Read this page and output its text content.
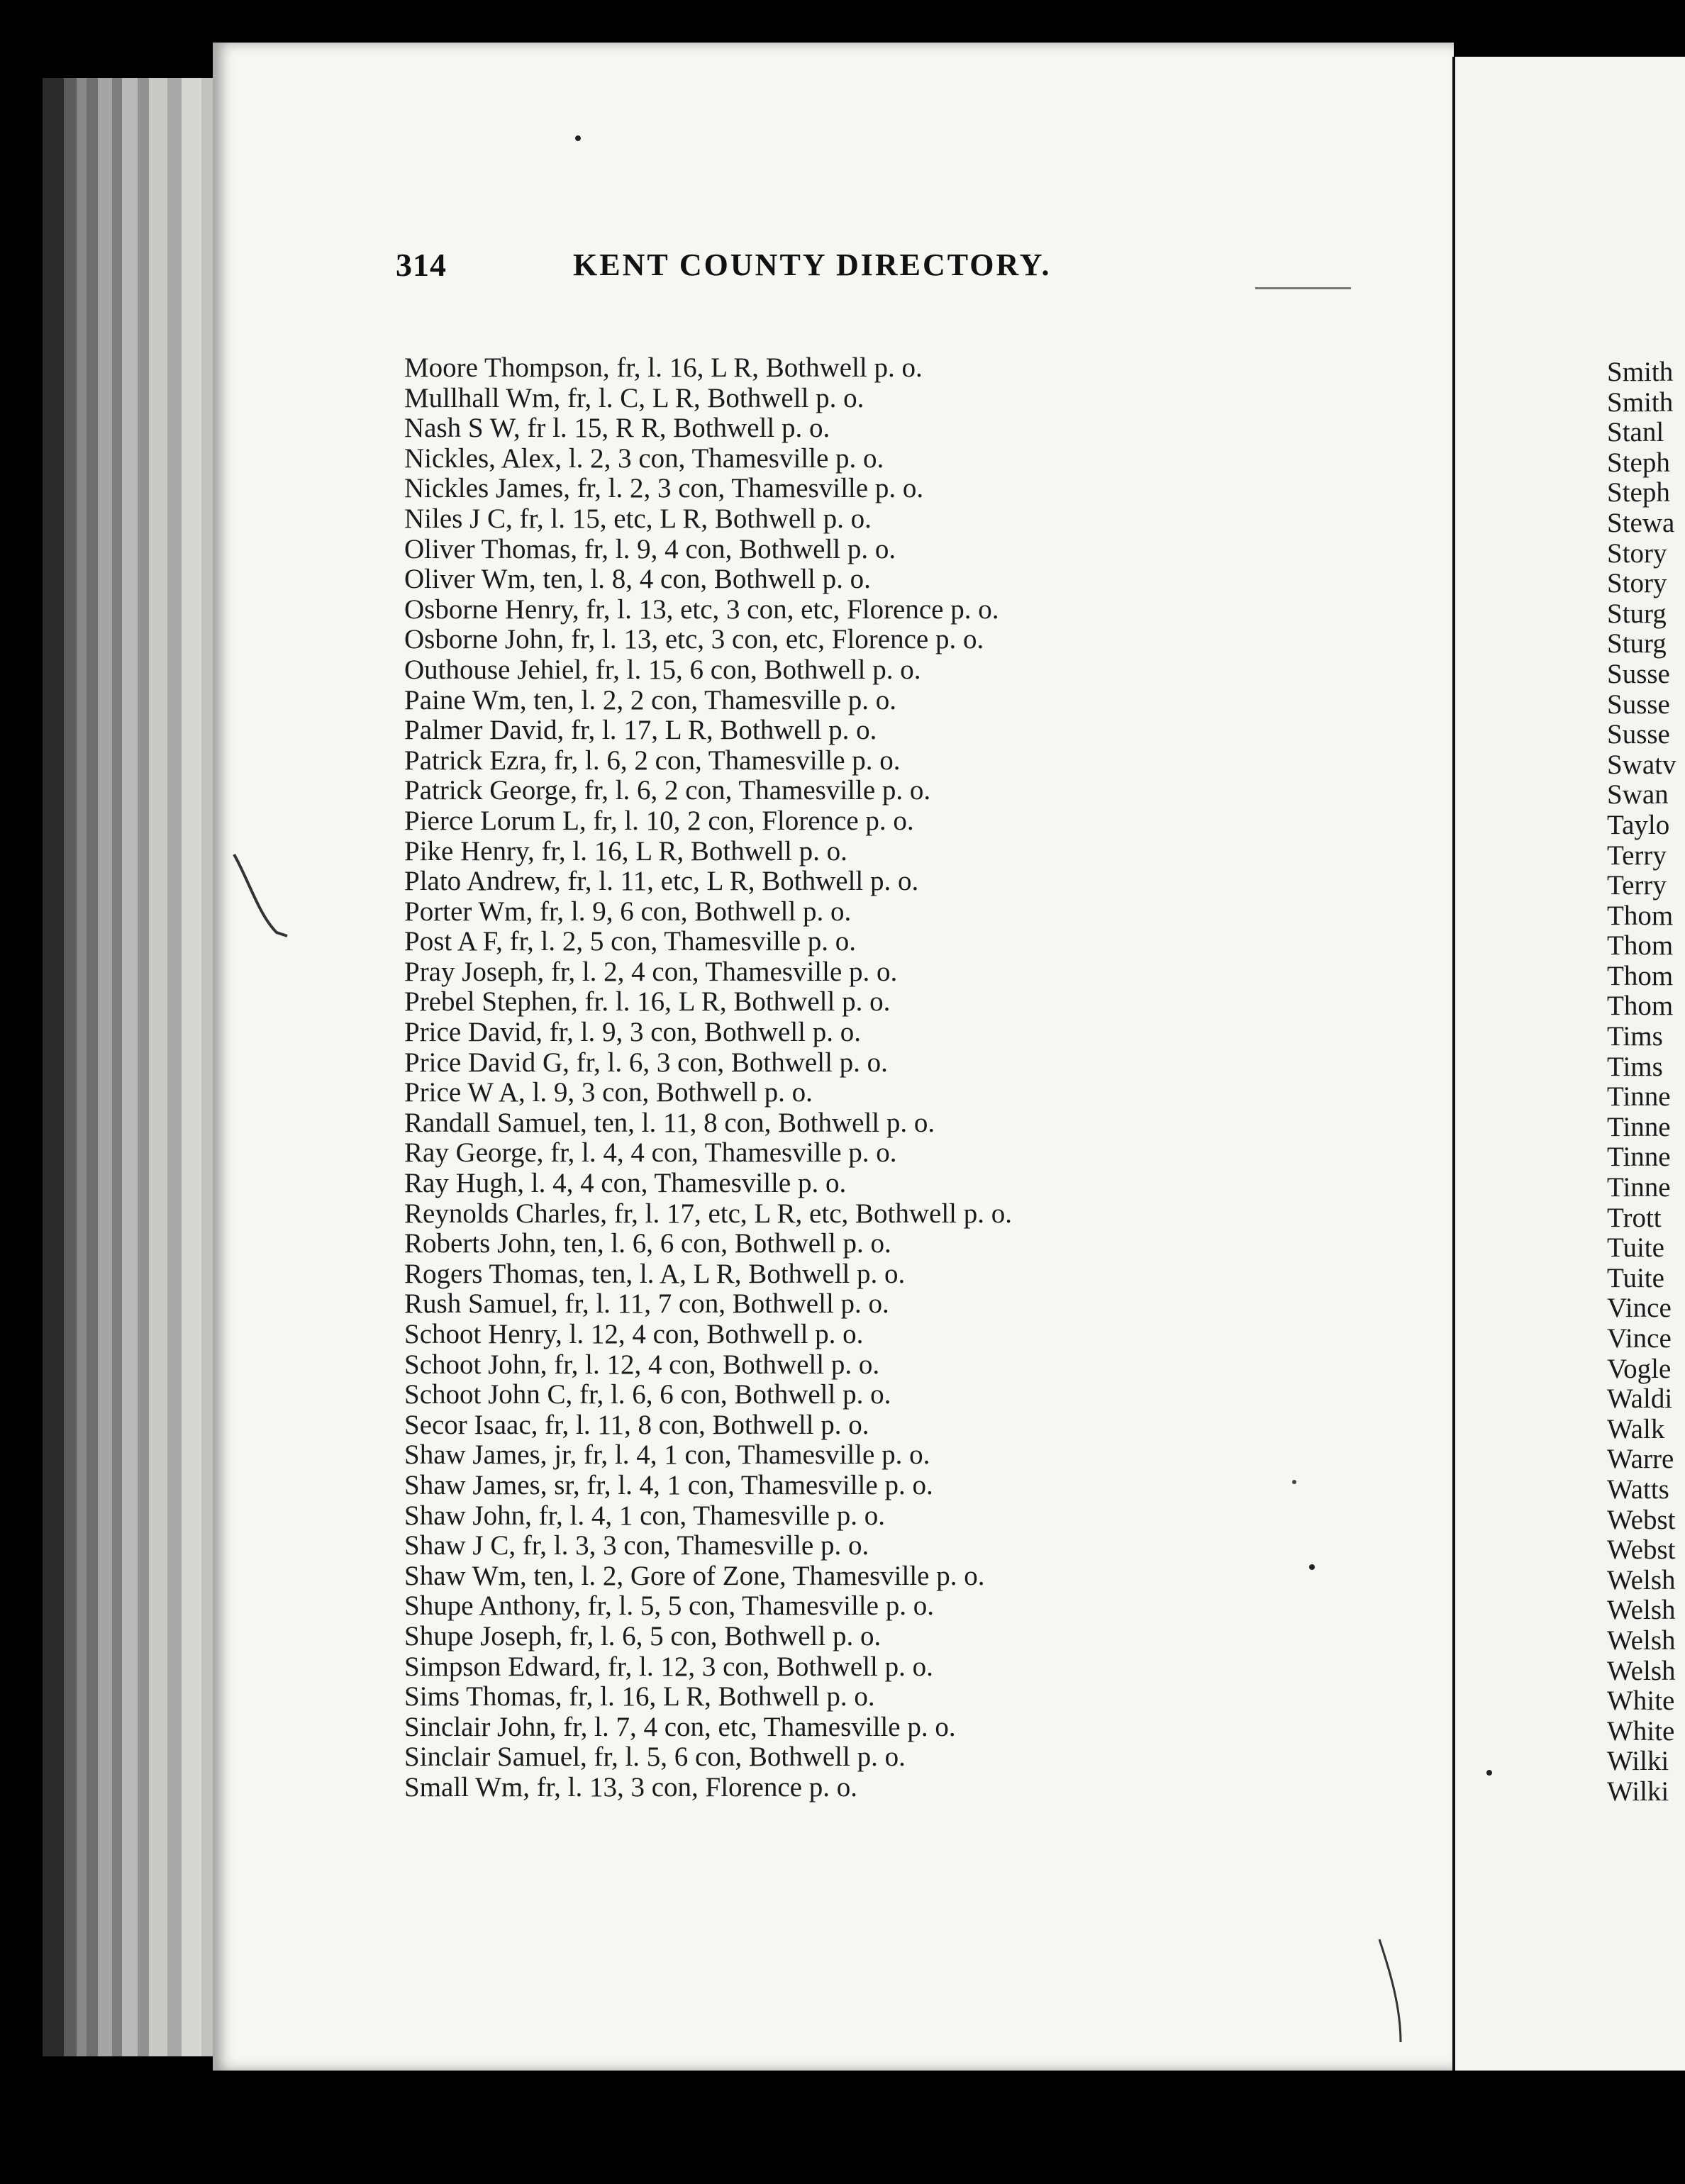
314	KENT COUNTY DIRECTORY.
Moore Thompson, fr, l. 16, L R, Bothwell p. o.
Mullhall Wm, fr, l. C, L R, Bothwell p. o.
Nash S W, fr l. 15, R R, Bothwell p. o.
Nickles, Alex, l. 2, 3 con, Thamesville p. o.
Nickles James, fr, l. 2, 3 con, Thamesville p. o.
Niles J C, fr, l. 15, etc, L R, Bothwell p. o.
Oliver Thomas, fr, l. 9, 4 con, Bothwell p. o.
Oliver Wm, ten, l. 8, 4 con, Bothwell p. o.
Osborne Henry, fr, l. 13, etc, 3 con, etc, Florence p. o.
Osborne John, fr, l. 13, etc, 3 con, etc, Florence p. o.
Outhouse Jehiel, fr, l. 15, 6 con, Bothwell p. o.
Paine Wm, ten, l. 2, 2 con, Thamesville p. o.
Palmer David, fr, l. 17, L R, Bothwell p. o.
Patrick Ezra, fr, l. 6, 2 con, Thamesville p. o.
Patrick George, fr, l. 6, 2 con, Thamesville p. o.
Pierce Lorum L, fr, l. 10, 2 con, Florence p. o.
Pike Henry, fr, l. 16, L R, Bothwell p. o.
Plato Andrew, fr, l. 11, etc, L R, Bothwell p. o.
Porter Wm, fr, l. 9, 6 con, Bothwell p. o.
Post A F, fr, l. 2, 5 con, Thamesville p. o.
Pray Joseph, fr, l. 2, 4 con, Thamesville p. o.
Prebel Stephen, fr. l. 16, L R, Bothwell p. o.
Price David, fr, l. 9, 3 con, Bothwell p. o.
Price David G, fr, l. 6, 3 con, Bothwell p. o.
Price W A, l. 9, 3 con, Bothwell p. o.
Randall Samuel, ten, l. 11, 8 con, Bothwell p. o.
Ray George, fr, l. 4, 4 con, Thamesville p. o.
Ray Hugh, l. 4, 4 con, Thamesville p. o.
Reynolds Charles, fr, l. 17, etc, L R, etc, Bothwell p. o.
Roberts John, ten, l. 6, 6 con, Bothwell p. o.
Rogers Thomas, ten, l. A, L R, Bothwell p. o.
Rush Samuel, fr, l. 11, 7 con, Bothwell p. o.
Schoot Henry, l. 12, 4 con, Bothwell p. o.
Schoot John, fr, l. 12, 4 con, Bothwell p. o.
Schoot John C, fr, l. 6, 6 con, Bothwell p. o.
Secor Isaac, fr, l. 11, 8 con, Bothwell p. o.
Shaw James, jr, fr, l. 4, 1 con, Thamesville p. o.
Shaw James, sr, fr, l. 4, 1 con, Thamesville p. o.
Shaw John, fr, l. 4, 1 con, Thamesville p. o.
Shaw J C, fr, l. 3, 3 con, Thamesville p. o.
Shaw Wm, ten, l. 2, Gore of Zone, Thamesville p. o.
Shupe Anthony, fr, l. 5, 5 con, Thamesville p. o.
Shupe Joseph, fr, l. 6, 5 con, Bothwell p. o.
Simpson Edward, fr, l. 12, 3 con, Bothwell p. o.
Sims Thomas, fr, l. 16, L R, Bothwell p. o.
Sinclair John, fr, l. 7, 4 con, etc, Thamesville p. o.
Sinclair Samuel, fr, l. 5, 6 con, Bothwell p. o.
Small Wm, fr, l. 13, 3 con, Florence p. o.
Smith
Smith
Stanl
Steph
Steph
Stewa
Story
Story
Sturg
Sturg
Susse
Susse
Susse
Swatv
Swan
Taylo
Terry
Terry
Thom
Thom
Thom
Thom
Tims
Tims
Tinne
Tinne
Tinne
Tinne
Trott
Tuite
Tuite
Vince
Vince
Vogle
Waldi
Walk
Warre
Watts
Webst
Webst
Welsh
Welsh
Welsh
Welsh
White
White
Wilki
Wilki
